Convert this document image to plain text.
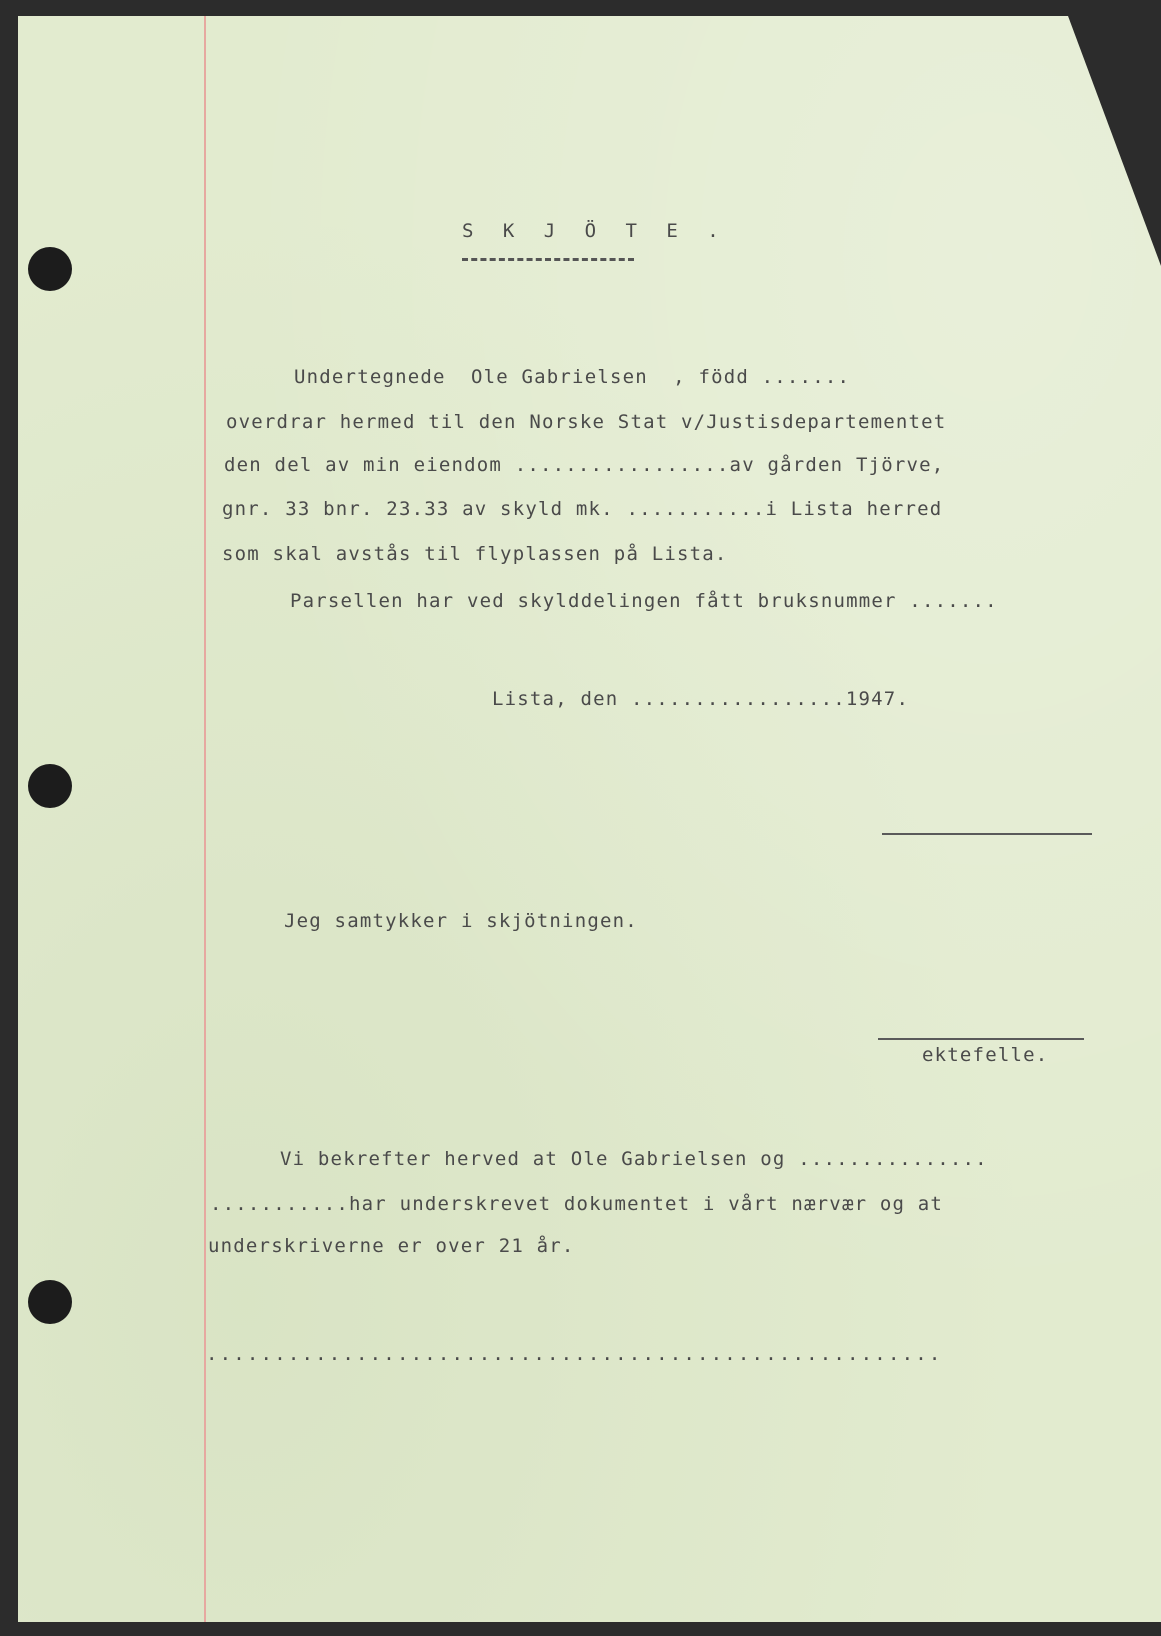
S K J Ö T E .
Undertegnede  Ole Gabrielsen  , född .......
overdrar hermed til den Norske Stat v/Justisdepartementet
den del av min eiendom .................av gården Tjörve,
gnr. 33 bnr. 23.33 av skyld mk. ...........i Lista herred
som skal avstås til flyplassen på Lista.
Parsellen har ved skylddelingen fått bruksnummer .......
Lista, den .................1947.
Jeg samtykker i skjötningen.
ektefelle.
Vi bekrefter herved at Ole Gabrielsen og ...............
...........har underskrevet dokumentet i vårt nærvær og at
underskriverne er over 21 år.
......................................................
